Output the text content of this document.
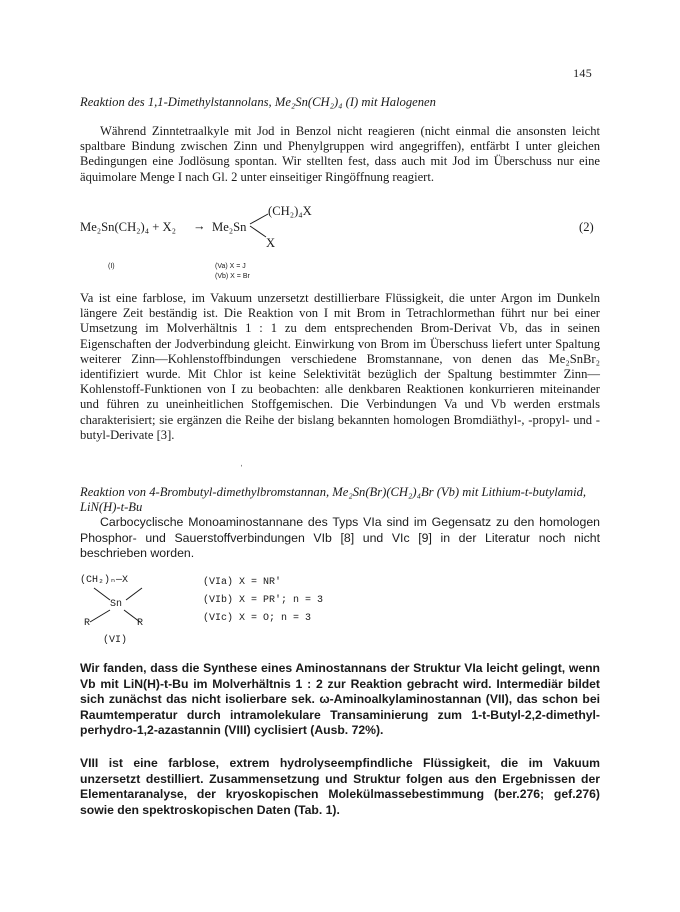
145
Reaktion des 1,1-Dimethylstannolans, Me₂Sn(CH₂)₄ (I) mit Halogenen
Während Zinntetraalkyle mit Jod in Benzol nicht reagieren (nicht einmal die ansonsten leicht spaltbare Bindung zwischen Zinn und Phenylgruppen wird angegriffen), entfärbt I unter gleichen Bedingungen eine Jodlösung spontan. Wir stellten fest, dass auch mit Jod im Überschuss nur eine äquimolare Menge I nach Gl. 2 unter einseitiger Ringöffnung reagiert.
Me₂Sn(CH₂)₄ + X₂ → Me₂Sn
(CH₂)₄X
X
(2)
(I)	(Va) X = J
(Vb) X = Br
Va ist eine farblose, im Vakuum unzersetzt destillierbare Flüssigkeit, die unter Argon im Dunkeln längere Zeit beständig ist. Die Reaktion von I mit Brom in Tetrachlormethan führt nur bei einer Umsetzung im Molverhältnis 1 : 1 zu dem entsprechenden Brom-Derivat Vb, das in seinen Eigenschaften der Jodverbindung gleicht. Einwirkung von Brom im Überschuss liefert unter Spaltung weiterer Zinn—Kohlenstoffbindungen verschiedene Bromstannane, von denen das Me₂SnBr₂ identifiziert wurde. Mit Chlor ist keine Selektivität bezüglich der Spaltung bestimmter Zinn—Kohlenstoff-Funktionen von I zu beobachten: alle denkbaren Reaktionen konkurrieren miteinander und führen zu uneinheitlichen Stoffgemischen. Die Verbindungen Va und Vb werden erstmals charakterisiert; sie ergänzen die Reihe der bislang bekannten homologen Bromdiäthyl-, -propyl- und -butyl-Derivate [3].
ˈ
Reaktion von 4-Brombutyl-dimethylbromstannan, Me₂Sn(Br)(CH₂)₄Br (Vb) mit Lithium-t-butylamid, LiN(H)-t-Bu
Carbocyclische Monoaminostannane des Typs VIa sind im Gegensatz zu den homologen Phosphor- und Sauerstoffverbindungen VIb [8] und VIc [9] in der Literatur noch nicht beschrieben worden.
(CH₂)ₙ—X
Sn
R	R
(VI)
(VIa) X = NR′
(VIb) X = PR′; n = 3
(VIc) X = O; n = 3
Wir fanden, dass die Synthese eines Aminostannans der Struktur VIa leicht gelingt, wenn Vb mit LiN(H)-t-Bu im Molverhältnis 1 : 2 zur Reaktion gebracht wird. Intermediär bildet sich zunächst das nicht isolierbare sek. ω-Aminoalkylaminostannan (VII), das schon bei Raumtemperatur durch intramolekulare Transaminierung zum 1-t-Butyl-2,2-dimethyl-perhydro-1,2-azastannin (VIII) cyclisiert (Ausb. 72%).
VIII ist eine farblose, extrem hydrolyseempfindliche Flüssigkeit, die im Vakuum unzersetzt destilliert. Zusammensetzung und Struktur folgen aus den Ergebnissen der Elementaranalyse, der kryoskopischen Molekülmassebestimmung (ber.276; gef.276) sowie den spektroskopischen Daten (Tab. 1).
